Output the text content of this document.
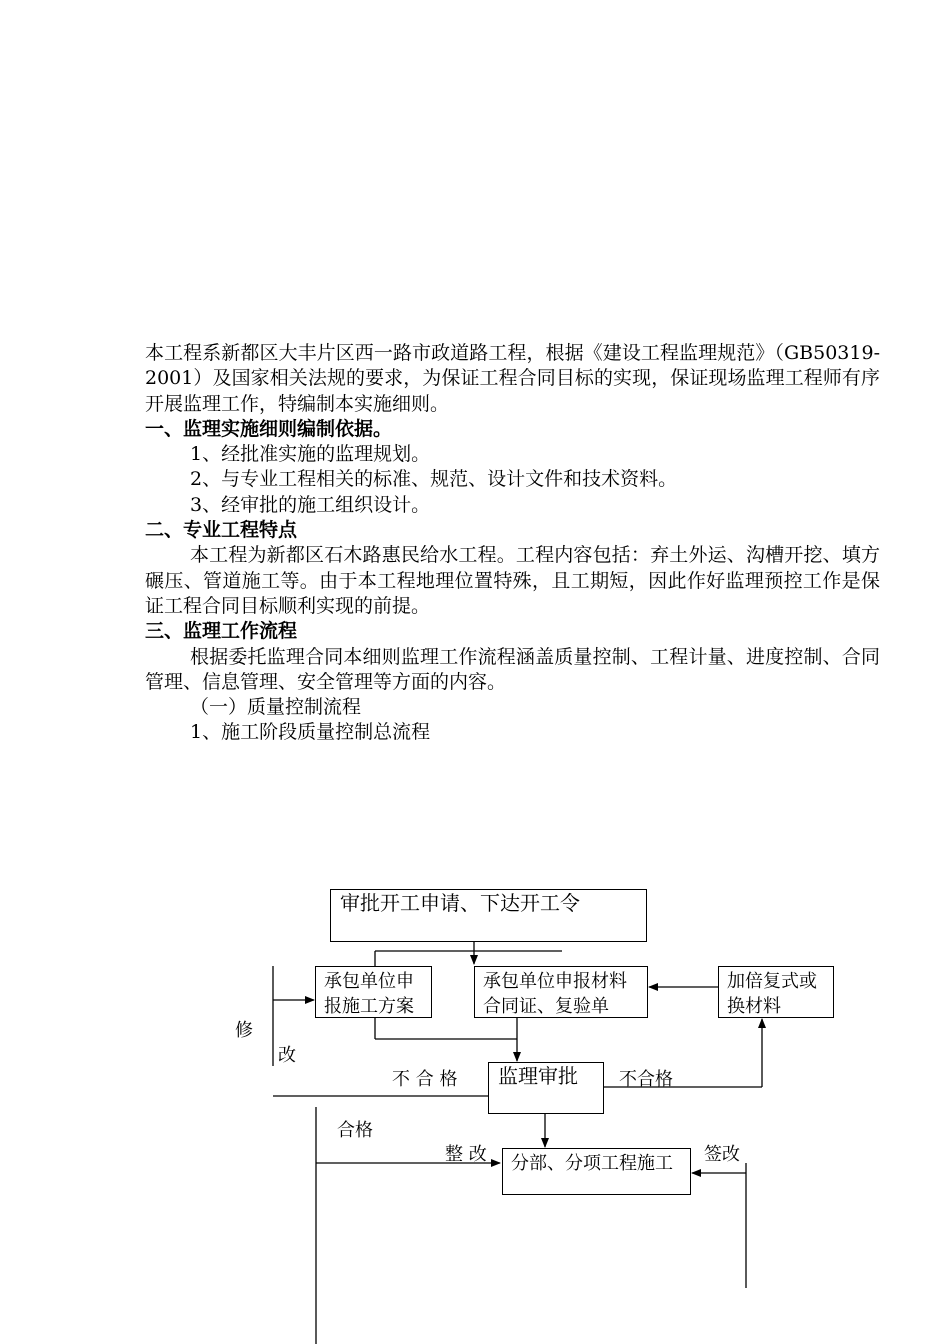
本工程系新都区大丰片区西一路市政道路工程，根据《建设工程监理规范》（GB50319-2001）及国家相关法规的要求，为保证工程合同目标的实现，保证现场监理工程师有序开展监理工作，特编制本实施细则。

一、监理实施细则编制依据。

1、经批准实施的监理规划。

2、与专业工程相关的标准、规范、设计文件和技术资料。

3、经审批的施工组织设计。

二、专业工程特点

本工程为新都区石木路惠民给水工程。工程内容包括：弃土外运、沟槽开挖、填方碾压、管道施工等。由于本工程地理位置特殊，且工期短，因此作好监理预控工作是保证工程合同目标顺利实现的前提。

三、监理工作流程

根据委托监理合同本细则监理工作流程涵盖质量控制、工程计量、进度控制、合同管理、信息管理、安全管理等方面的内容。

（一）质量控制流程

1、施工阶段质量控制总流程

审批开工申请、下达开工令
承包单位申报施工方案
承包单位申报材料合同证、复验单
加倍复式或换材料
监理审批
分部、分项工程施工
修
改
不 合 格	不合格
合格
整 改	签改
